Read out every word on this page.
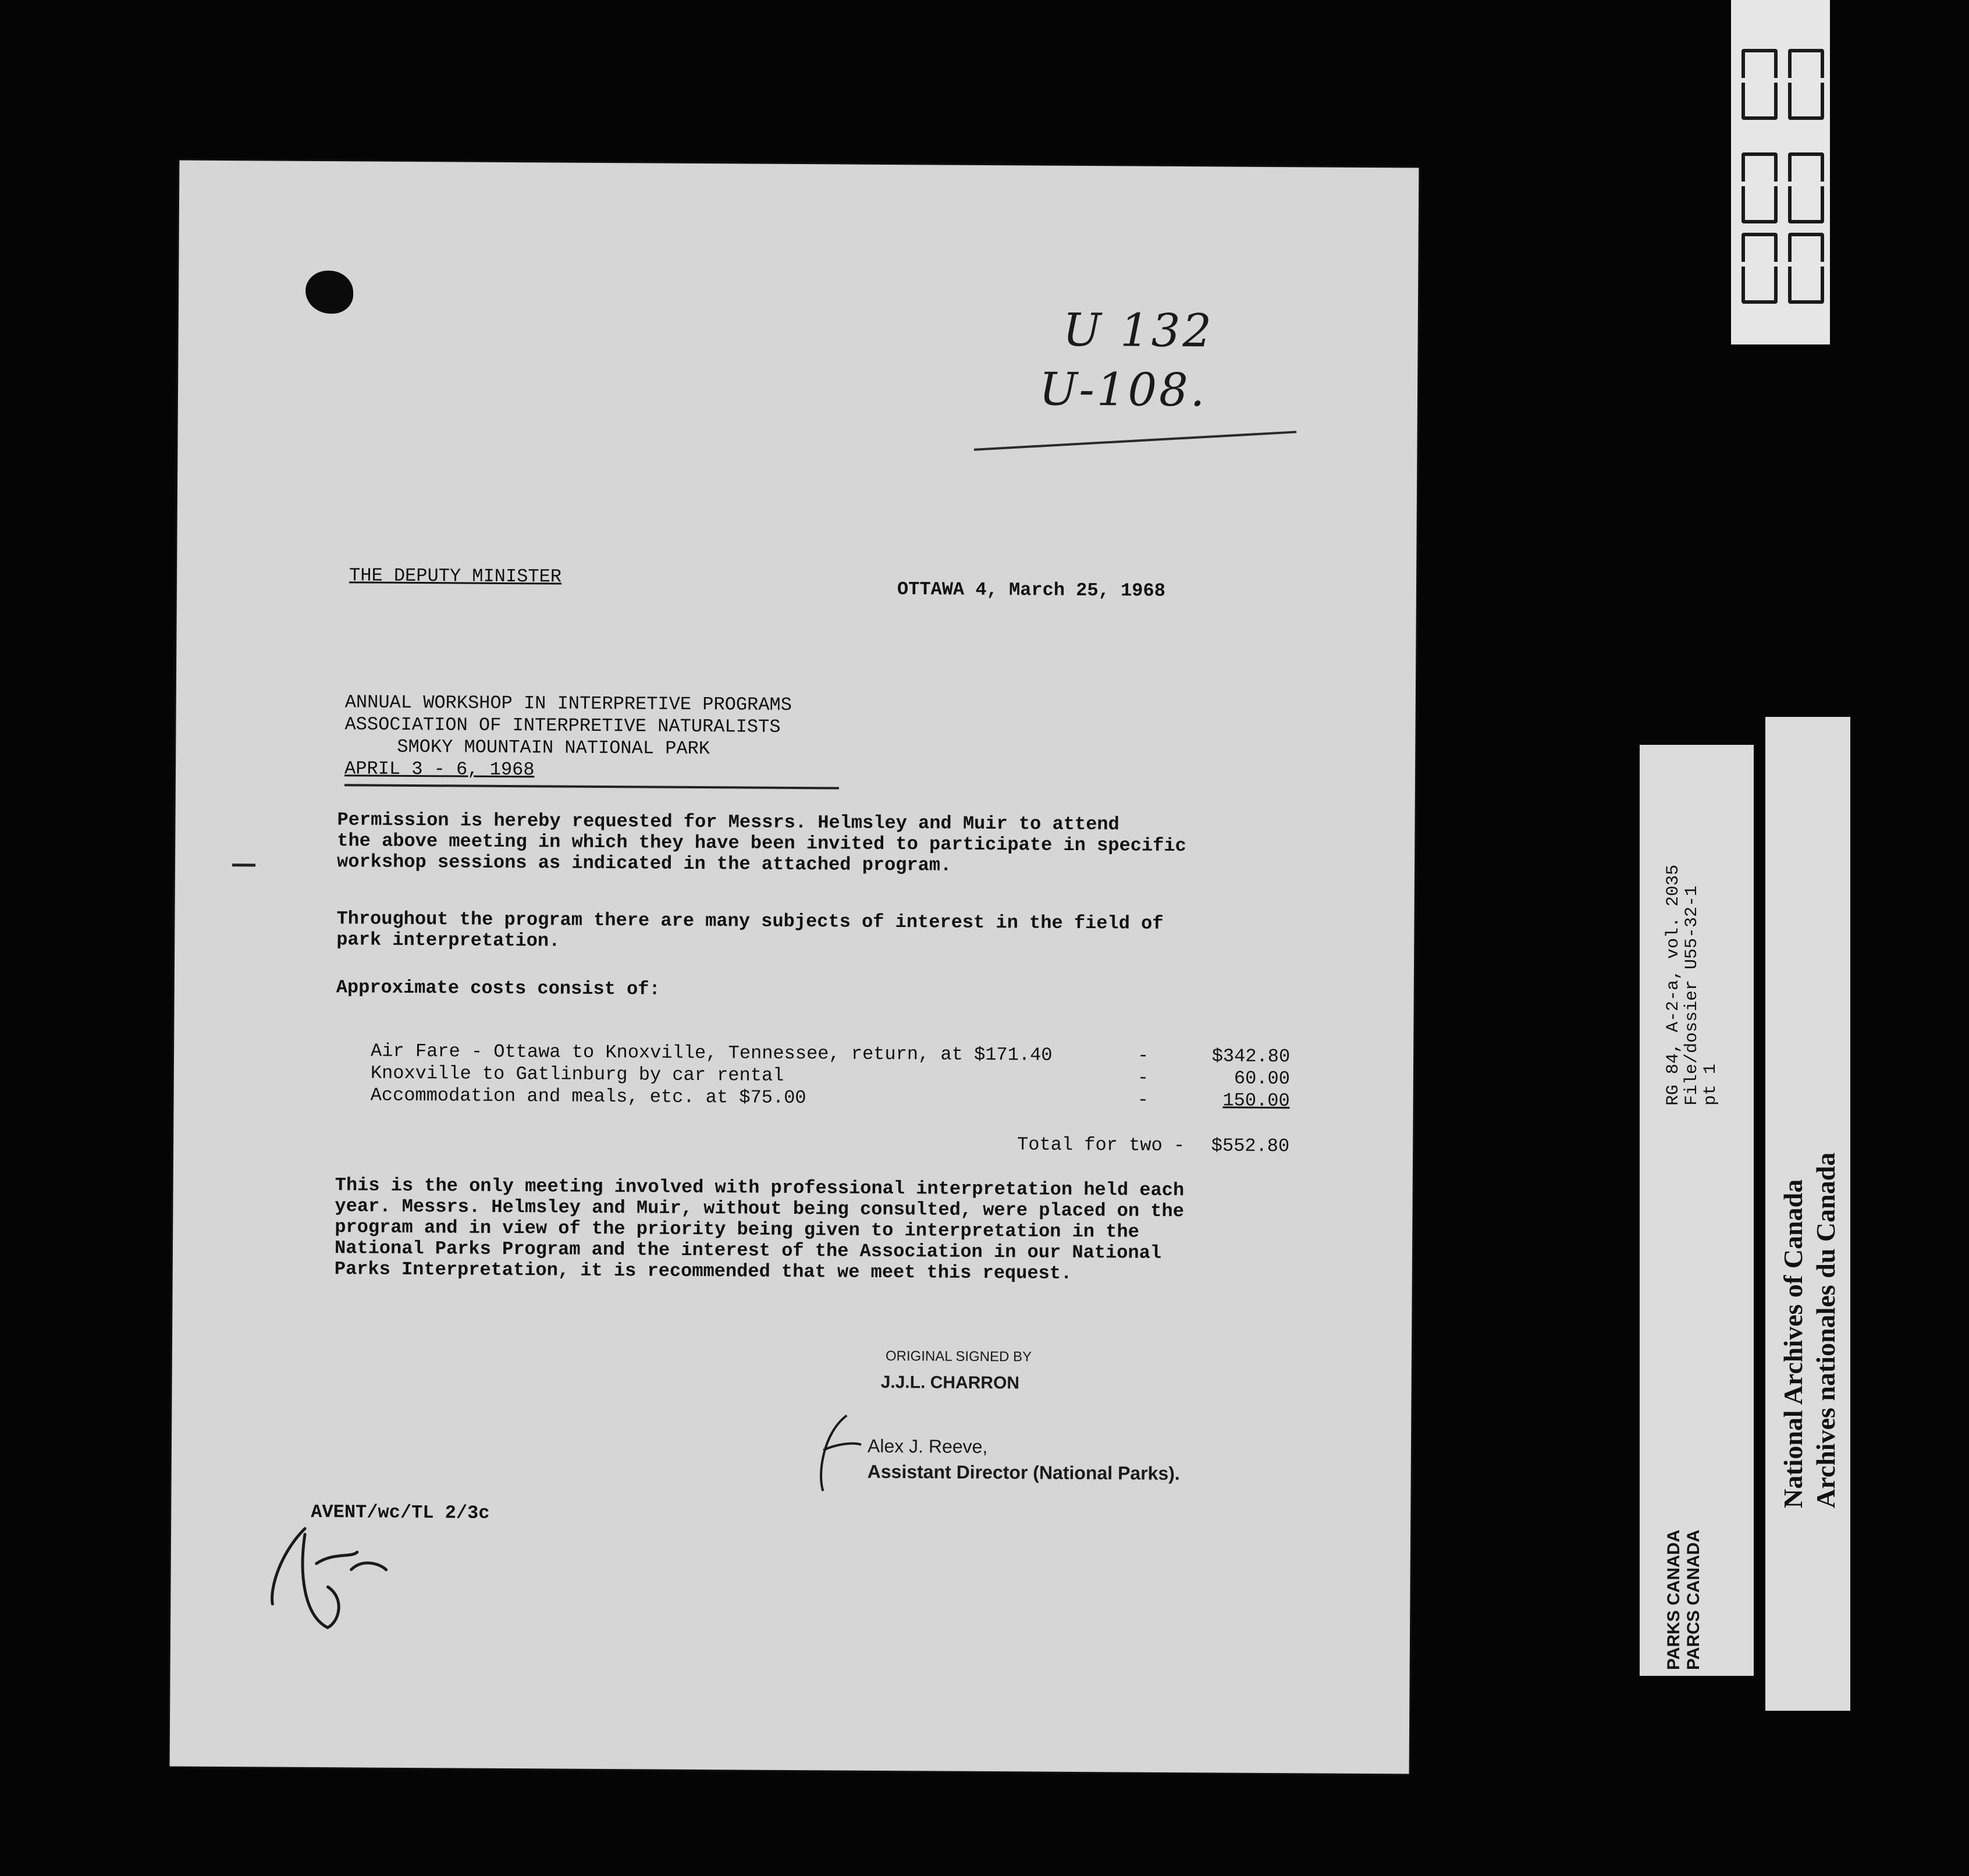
U 132
U-108.
THE DEPUTY MINISTER
OTTAWA 4, March 25, 1968
ANNUAL WORKSHOP IN INTERPRETIVE PROGRAMS
ASSOCIATION OF INTERPRETIVE NATURALISTS
SMOKY MOUNTAIN NATIONAL PARK
APRIL 3 - 6, 1968
Permission is hereby requested for Messrs. Helmsley and Muir to attend
the above meeting in which they have been invited to participate in specific
workshop sessions as indicated in the attached program.
Throughout the program there are many subjects of interest in the field of
park interpretation.
Approximate costs consist of:
Air Fare - Ottawa to Knoxville, Tennessee, return, at $171.40	-	$342.80
Knoxville to Gatlinburg by car rental	-	60.00
Accommodation and meals, etc. at $75.00	-	150.00
Total for two -	$552.80
This is the only meeting involved with professional interpretation held each
year. Messrs. Helmsley and Muir, without being consulted, were placed on the
program and in view of the priority being given to interpretation in the
National Parks Program and the interest of the Association in our National
Parks Interpretation, it is recommended that we meet this request.
ORIGINAL SIGNED BY
J.J.L. CHARRON
Alex J. Reeve,
Assistant Director (National Parks).
AVENT/wc/TL 2/3c
PARKS CANADA PARCS CANADA
RG 84, A-2-a, vol. 2035
File/dossier U55-32-1
pt 1
National Archives of Canada Archives nationales du Canada
